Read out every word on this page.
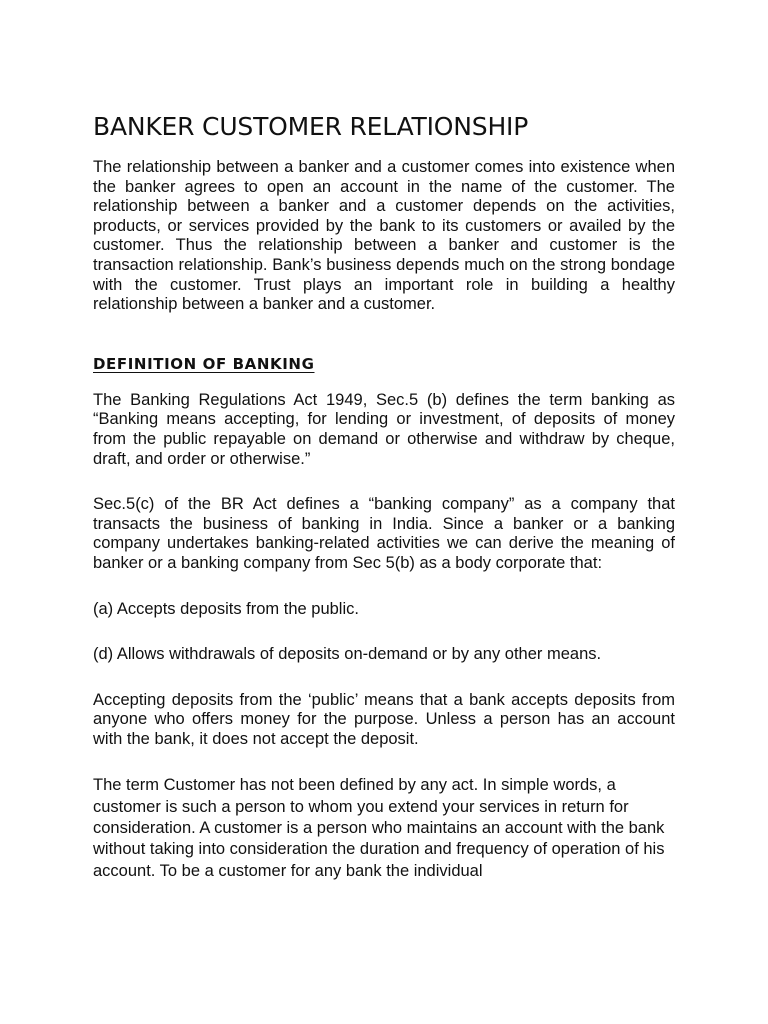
BANKER CUSTOMER RELATIONSHIP

The relationship between a banker and a customer comes into existence when the banker agrees to open an account in the name of the customer. The relationship between a banker and a customer depends on the activities, products, or services provided by the bank to its customers or availed by the customer. Thus the relationship between a banker and customer is the transaction relationship. Bank’s business depends much on the strong bondage with the customer. Trust plays an important role in building a healthy relationship between a banker and a customer.

DEFINITION OF BANKING

The Banking Regulations Act 1949, Sec.5 (b) defines the term banking as “Banking means accepting, for lending or investment, of deposits of money from the public repayable on demand or otherwise and withdraw by cheque, draft, and order or otherwise.”

Sec.5(c) of the BR Act defines a “banking company” as a company that transacts the business of banking in India. Since a banker or a banking company undertakes banking-related activities we can derive the meaning of banker or a banking company from Sec 5(b) as a body corporate that:

(a) Accepts deposits from the public.

(d) Allows withdrawals of deposits on-demand or by any other means.

Accepting deposits from the ‘public’ means that a bank accepts deposits from anyone who offers money for the purpose. Unless a person has an account with the bank, it does not accept the deposit.

The term Customer has not been defined by any act. In simple words, a customer is such a person to whom you extend your services in return for consideration. A customer is a person who maintains an account with the bank without taking into consideration the duration and frequency of operation of his account. To be a customer for any bank the individual
